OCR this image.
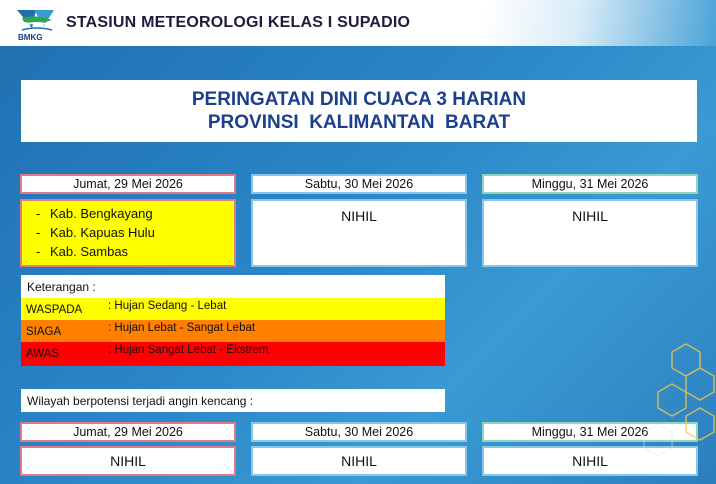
BMKG
STASIUN METEOROLOGI KELAS I SUPADIO
PERINGATAN DINI CUACA 3 HARIAN
PROVINSI  KALIMANTAN  BARAT
Jumat, 29 Mei 2026	Sabtu, 30 Mei 2026	Minggu, 31 Mei 2026
- Kab. Bengkayang
- Kab. Kapuas Hulu
- Kab. Sambas
NIHIL	NIHIL
Keterangan :
WASPADA : Hujan Sedang - Lebat
SIAGA	: Hujan Lebat - Sangat Lebat
AWAS	: Hujan Sangat Lebat - Ekstrem
Wilayah berpotensi terjadi angin kencang :
Jumat, 29 Mei 2026	Sabtu, 30 Mei 2026	Minggu, 31 Mei 2026
NIHIL	NIHIL	NIHIL
